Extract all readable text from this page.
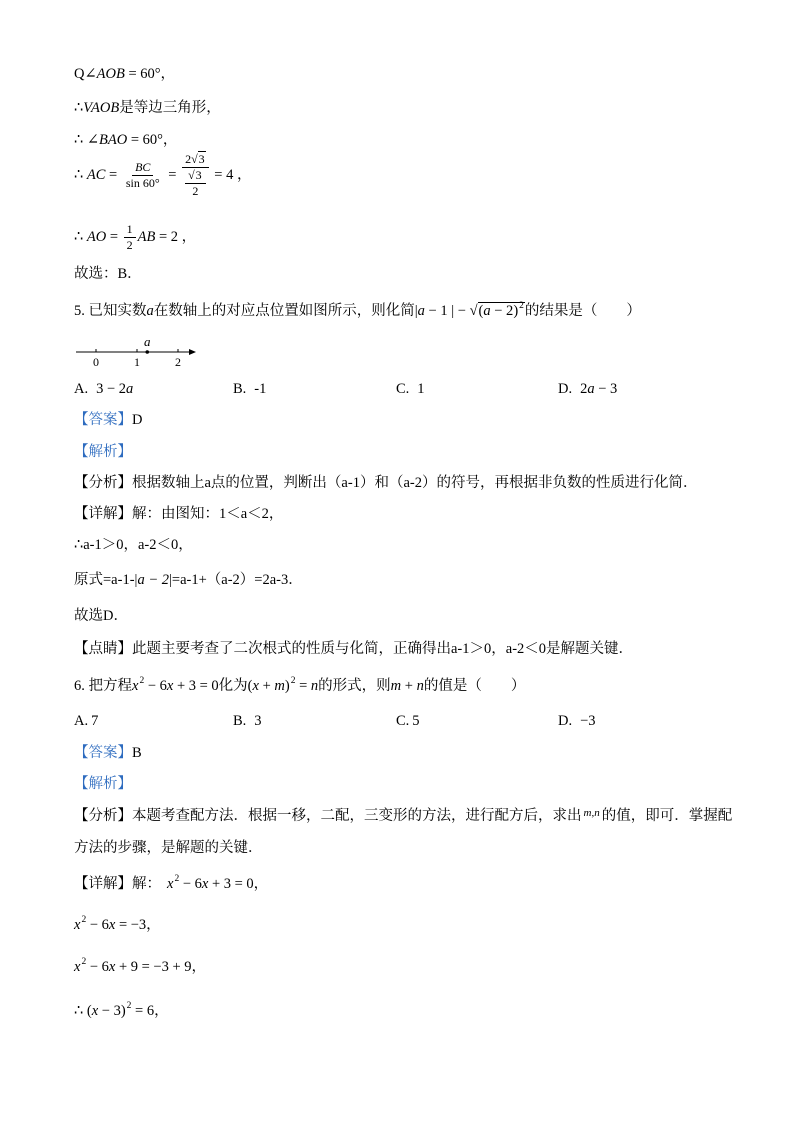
Q∠AOB = 60°，
∴VAOB是等边三角形，
∴ ∠BAO = 60°，
∴ AC = $\frac{BC}{\sin 60^\circ} = \frac{2√3}{\frac{√3}{2}} = 4$ ，
∴ AO = $\frac{1}{2}$ AB = 2 ，
故选：B．
5. 已知实数a在数轴上的对应点位置如图所示，则化简|a − 1 | − $√(a - 2)^2$的结果是（　　）
0	1	2
a
A. 3 − 2a	B. -1	C. 1	D. 2a − 3
【答案】D
【解析】
【分析】根据数轴上a点的位置，判断出（a-1）和（a-2）的符号，再根据非负数的性质进行化简．
【详解】解：由图知：1＜a＜2，
∴a-1＞0，a-2＜0，
原式=a-1-|a − 2|=a-1+（a-2）=2a-3．
故选D．
【点睛】此题主要考查了二次根式的性质与化简，正确得出a-1＞0，a-2＜0是解题关键．
6. 把方程$x^2 - 6x + 3 = 0$化为$(x + m)^2 = n$的形式，则m + n的值是（　　）
A. 7	B. 3	C. 5	D. −3
【答案】B
【解析】
【分析】本题考查配方法．根据一移，二配，三变形的方法，进行配方后，求出 $^{m,n}$ 的值，即可．掌握配
方法的步骤，是解题的关键．
【详解】解： $x^2 - 6x + 3 = 0$，
$x^2 - 6x = -3$，
$x^2 - 6x + 9 = -3 + 9$，
∴ $(x - 3)^2 = 6$，
